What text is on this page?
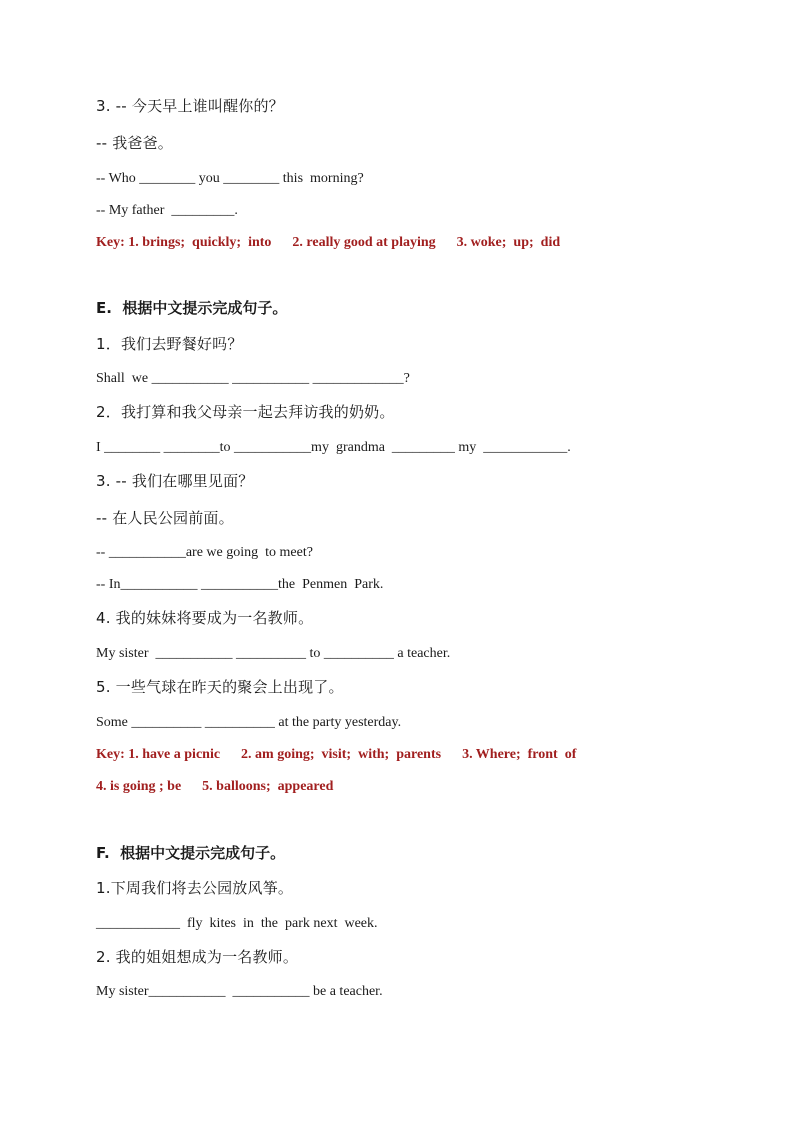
3. -- 今天早上谁叫醒你的？
-- 我爸爸。
-- Who ________ you ________ this  morning?
-- My father  _________.
Key: 1. brings;  quickly;  into      2. really good at playing      3. woke;  up;  did
E.  根据中文提示完成句子。
1．我们去野餐好吗？
Shall  we ___________ ___________ _____________?
2．我打算和我父母亲一起去拜访我的奶奶。
I ________ ________to ___________my  grandma  _________ my  ____________.
3. -- 我们在哪里见面？
-- 在人民公园前面。
-- ___________are we going  to meet?
-- In___________ ___________the  Penmen  Park.
4. 我的妹妹将要成为一名教师。
My sister  ___________ __________ to __________ a teacher.
5. 一些气球在昨天的聚会上出现了。
Some __________ __________ at the party yesterday.
Key: 1. have a picnic      2. am going;  visit;  with;  parents      3. Where;  front  of
4. is going ; be      5. balloons;  appeared
F.  根据中文提示完成句子。
1.下周我们将去公园放风筝。
____________  fly  kites  in  the  park next  week.
2. 我的姐姐想成为一名教师。
My sister___________  ___________ be a teacher.
